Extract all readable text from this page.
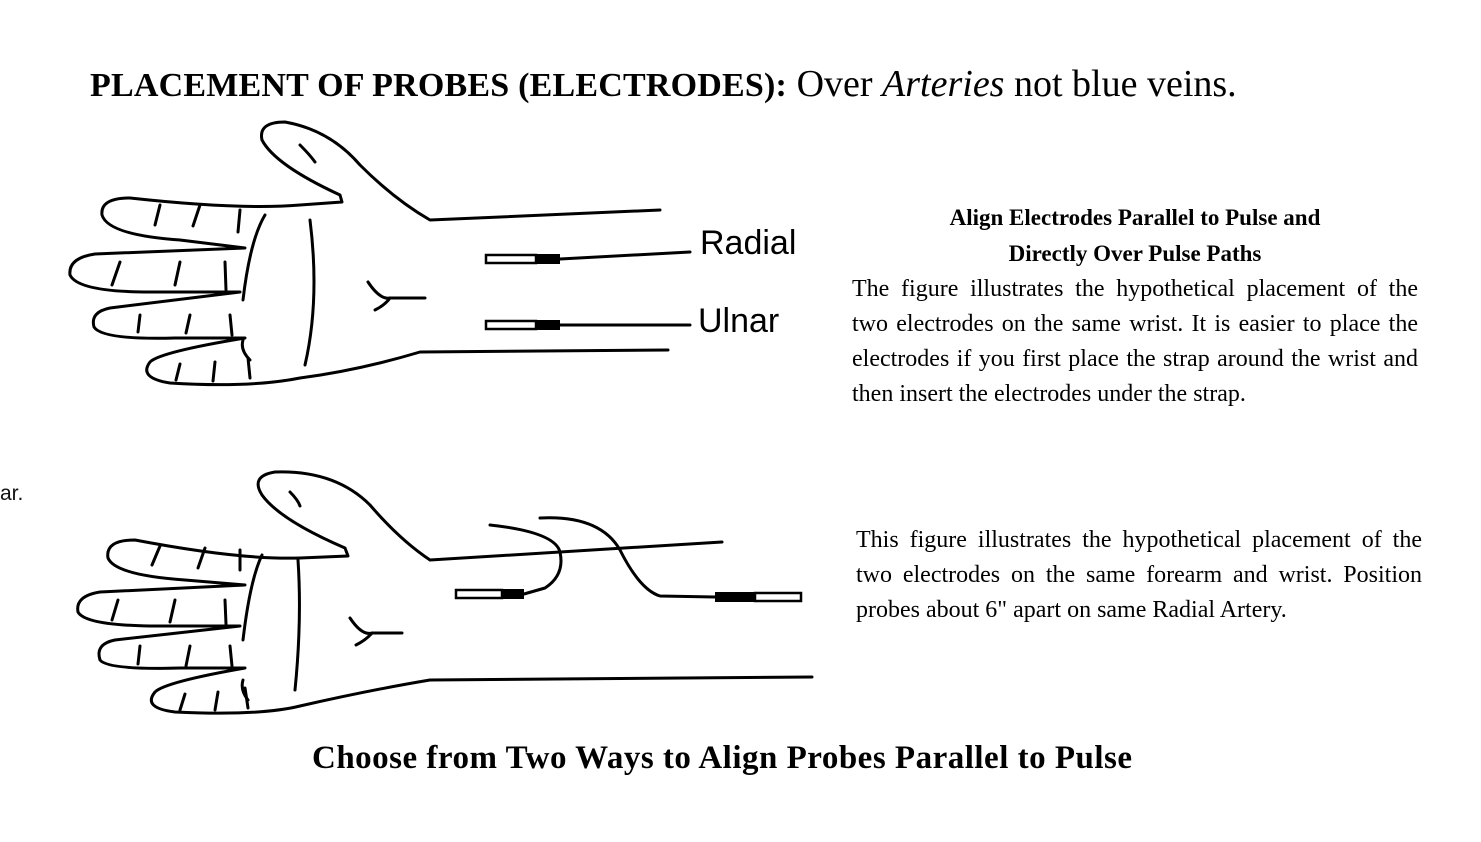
PLACEMENT OF PROBES (ELECTRODES): Over Arteries not blue veins.
ar.
Radial
Ulnar
Align Electrodes Parallel to Pulse and
Directly Over Pulse Paths
The figure illustrates the hypothetical placement of the two electrodes on the same wrist. It is easier to place the electrodes if you first place the strap around the wrist and then insert the electrodes under the strap.
This figure illustrates the hypothetical placement of the two electrodes on the same forearm and wrist. Position probes about 6" apart on same Radial Artery.
Choose from Two Ways to Align Probes Parallel to Pulse
